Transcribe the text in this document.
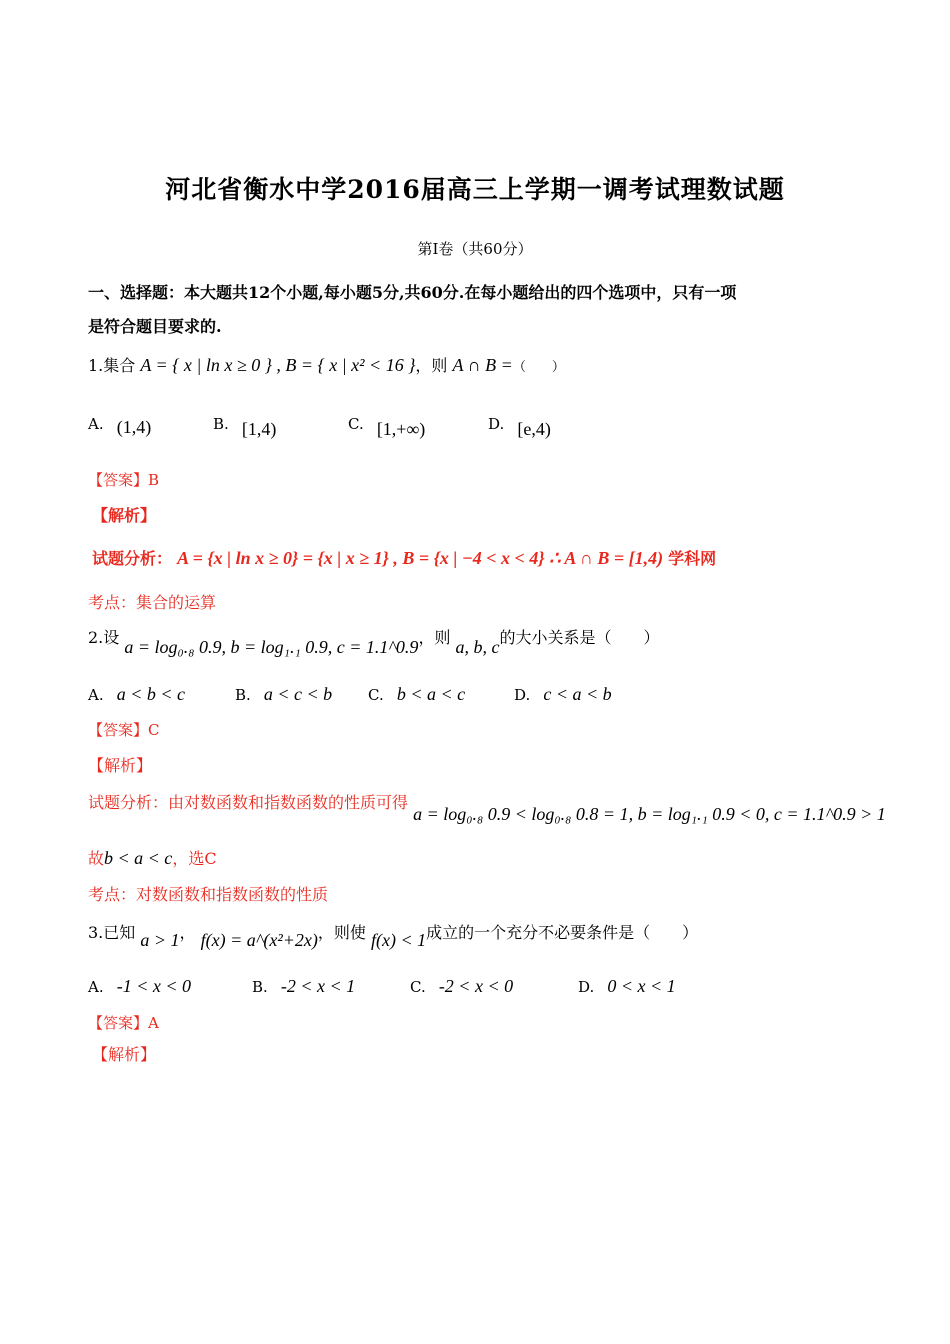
河北省衡水中学2016届高三上学期一调考试理数试题
第Ⅰ卷（共60分）
一、选择题：本大题共12个小题,每小题5分,共60分.在每小题给出的四个选项中，只有一项
是符合题目要求的.
1.集合 A = { x | ln x ≥ 0 } , B = { x | x² < 16 }，则 A ∩ B =（　　）
A. (1,4)	B. [1,4)	C. [1,+∞)	D. [e,4)
【答案】B
【解析】
试题分析： A = {x | ln x ≥ 0} = {x | x ≥ 1} , B = {x | −4 < x < 4} ∴ A ∩ B = [1,4) 学科网
考点：集合的运算
2.设 a = log₀.₈ 0.9, b = log₁.₁ 0.9, c = 1.1^0.9，则 a, b, c的大小关系是（　　）
A. a < b < c	B. a < c < b C. b < a < c	D. c < a < b
【答案】C
【解析】
试题分析：由对数函数和指数函数的性质可得 a = log₀.₈ 0.9 < log₀.₈ 0.8 = 1, b = log₁.₁ 0.9 < 0, c = 1.1^0.9 > 1
故b < a < c，选C
考点：对数函数和指数函数的性质
3.已知 a > 1， f(x) = a^(x²+2x)，则使 f(x) < 1成立的一个充分不必要条件是（　　）
A. -1 < x < 0	B. -2 < x < 1	C. -2 < x < 0	D. 0 < x < 1
【答案】A
【解析】
